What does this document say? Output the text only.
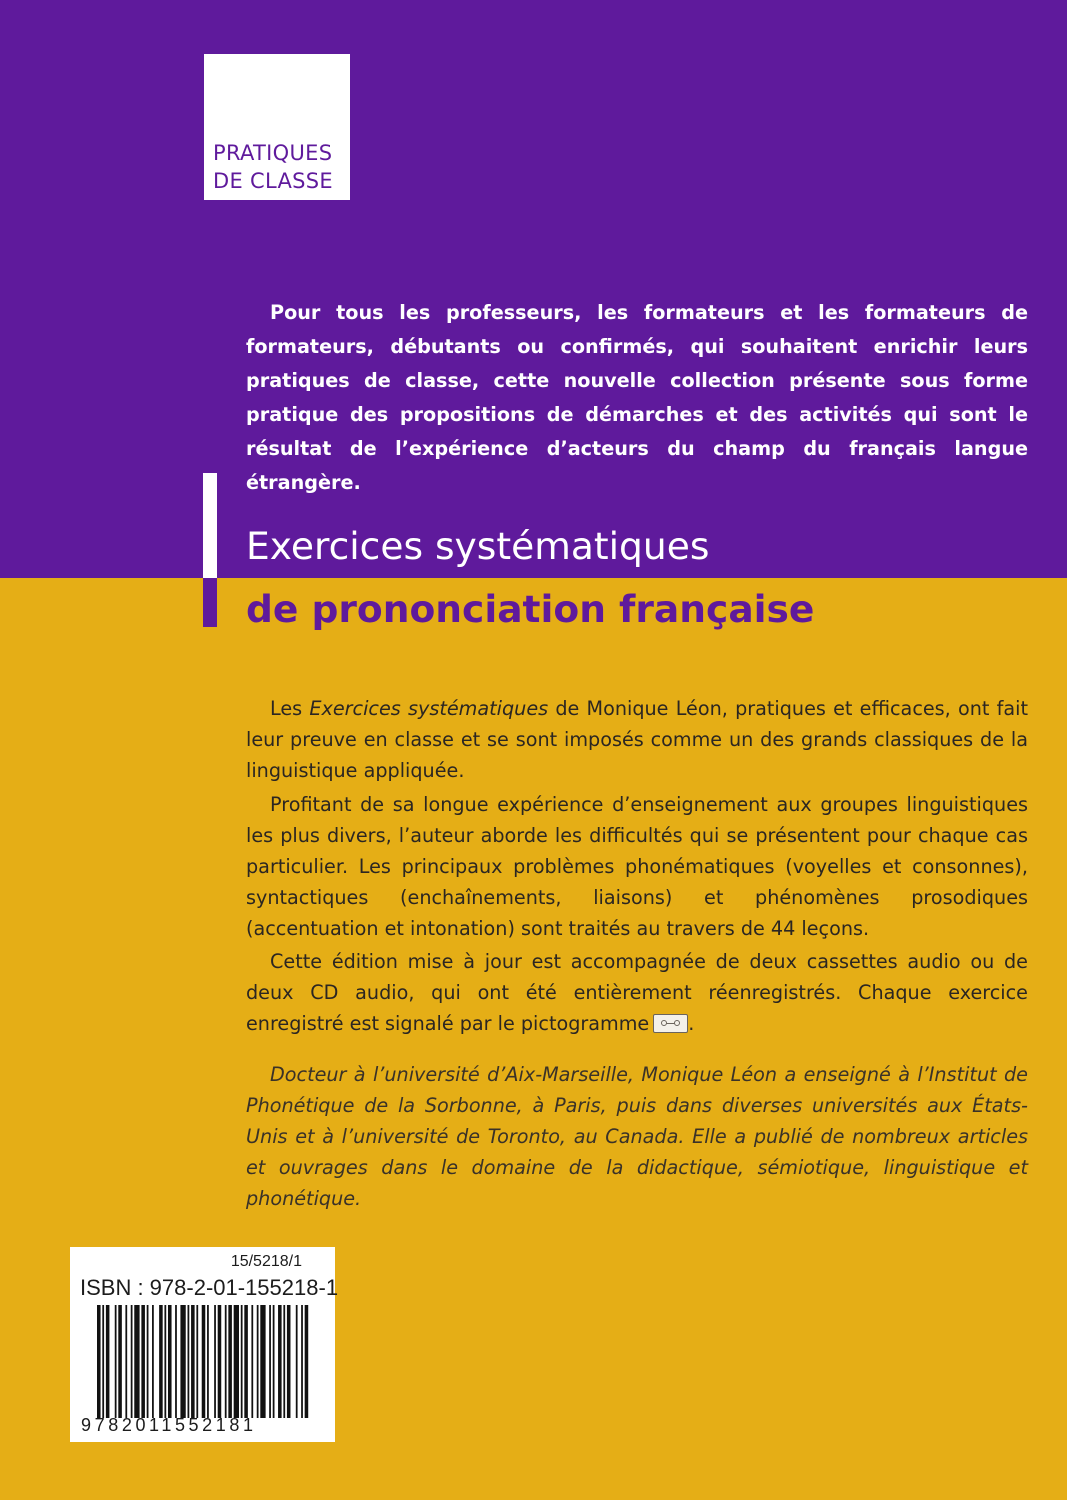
PRATIQUES
DE CLASSE

Pour tous les professeurs, les formateurs et les formateurs de formateurs, débutants ou confirmés, qui souhaitent enrichir leurs pratiques de classe, cette nouvelle collection présente sous forme pratique des propositions de démarches et des activités qui sont le résultat de l’expérience d’acteurs du champ du français langue étrangère.

Exercices systématiques
de prononciation française

Les Exercices systématiques de Monique Léon, pratiques et efficaces, ont fait leur preuve en classe et se sont imposés comme un des grands classiques de la linguistique appliquée.

Profitant de sa longue expérience d’enseignement aux groupes linguistiques les plus divers, l’auteur aborde les difficultés qui se présentent pour chaque cas particulier. Les principaux problèmes phonématiques (voyelles et consonnes), syntactiques (enchaînements, liaisons) et phénomènes prosodiques (accentuation et intonation) sont traités au travers de 44 leçons.

Cette édition mise à jour est accompagnée de deux cassettes audio ou de deux CD audio, qui ont été entièrement réenregistrés. Chaque exercice enregistré est signalé par le pictogramme .

Docteur à l’université d’Aix-Marseille, Monique Léon a enseigné à l’Institut de Phonétique de la Sorbonne, à Paris, puis dans diverses universités aux États-Unis et à l’université de Toronto, au Canada. Elle a publié de nombreux articles et ouvrages dans le domaine de la didactique, sémiotique, linguistique et phonétique.

15/5218/1

ISBN : 978-2-01-155218-1

9782011552181
